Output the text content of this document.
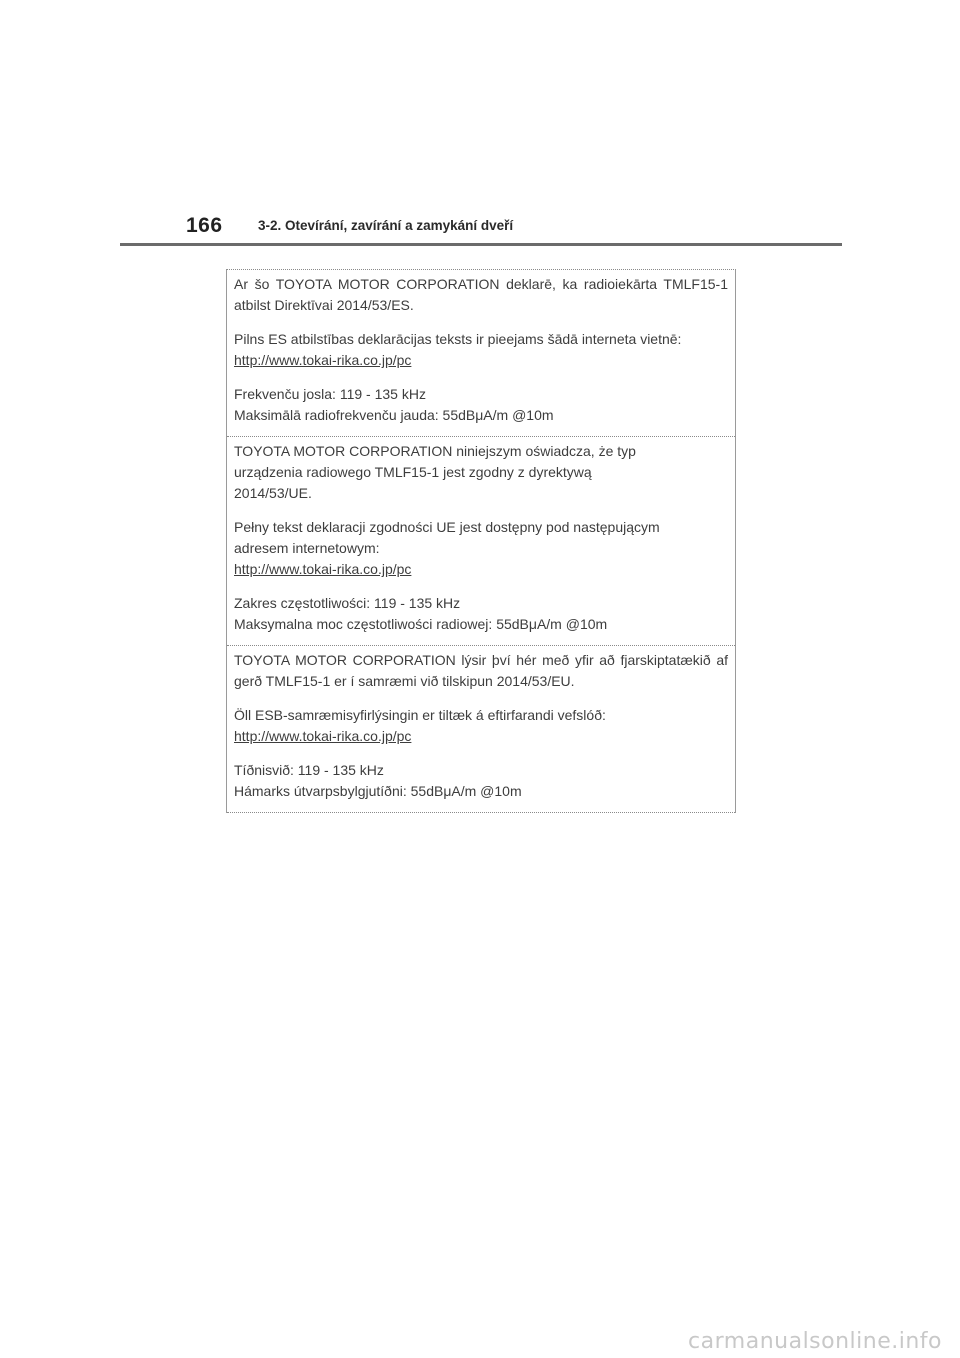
166	3-2. Otevírání, zavírání a zamykání dveří

Ar šo TOYOTA MOTOR CORPORATION deklarē, ka radioiekārta TMLF15-1 atbilst Direktīvai 2014/53/ES.

Pilns ES atbilstības deklarācijas teksts ir pieejams šādā interneta vietnē:
http://www.tokai-rika.co.jp/pc

Frekvenču josla: 119 - 135 kHz
Maksimālā radiofrekvenču jauda: 55dBμA/m @10m

TOYOTA MOTOR CORPORATION niniejszym oświadcza, że typ
urządzenia radiowego TMLF15-1 jest zgodny z dyrektywą
2014/53/UE.

Pełny tekst deklaracji zgodności UE jest dostępny pod następującym
adresem internetowym:
http://www.tokai-rika.co.jp/pc

Zakres częstotliwości: 119 - 135 kHz
Maksymalna moc częstotliwości radiowej: 55dBμA/m @10m

TOYOTA MOTOR CORPORATION lýsir því hér með yfir að fjarskiptatækið af gerð TMLF15-1 er í samræmi við tilskipun 2014/53/EU.

Öll ESB-samræmisyfirlýsingin er tiltæk á eftirfarandi vefslóð:
http://www.tokai-rika.co.jp/pc

Tíðnisvið: 119 - 135 kHz
Hámarks útvarpsbylgjutíðni: 55dBμA/m @10m

carmanualsonline.info
